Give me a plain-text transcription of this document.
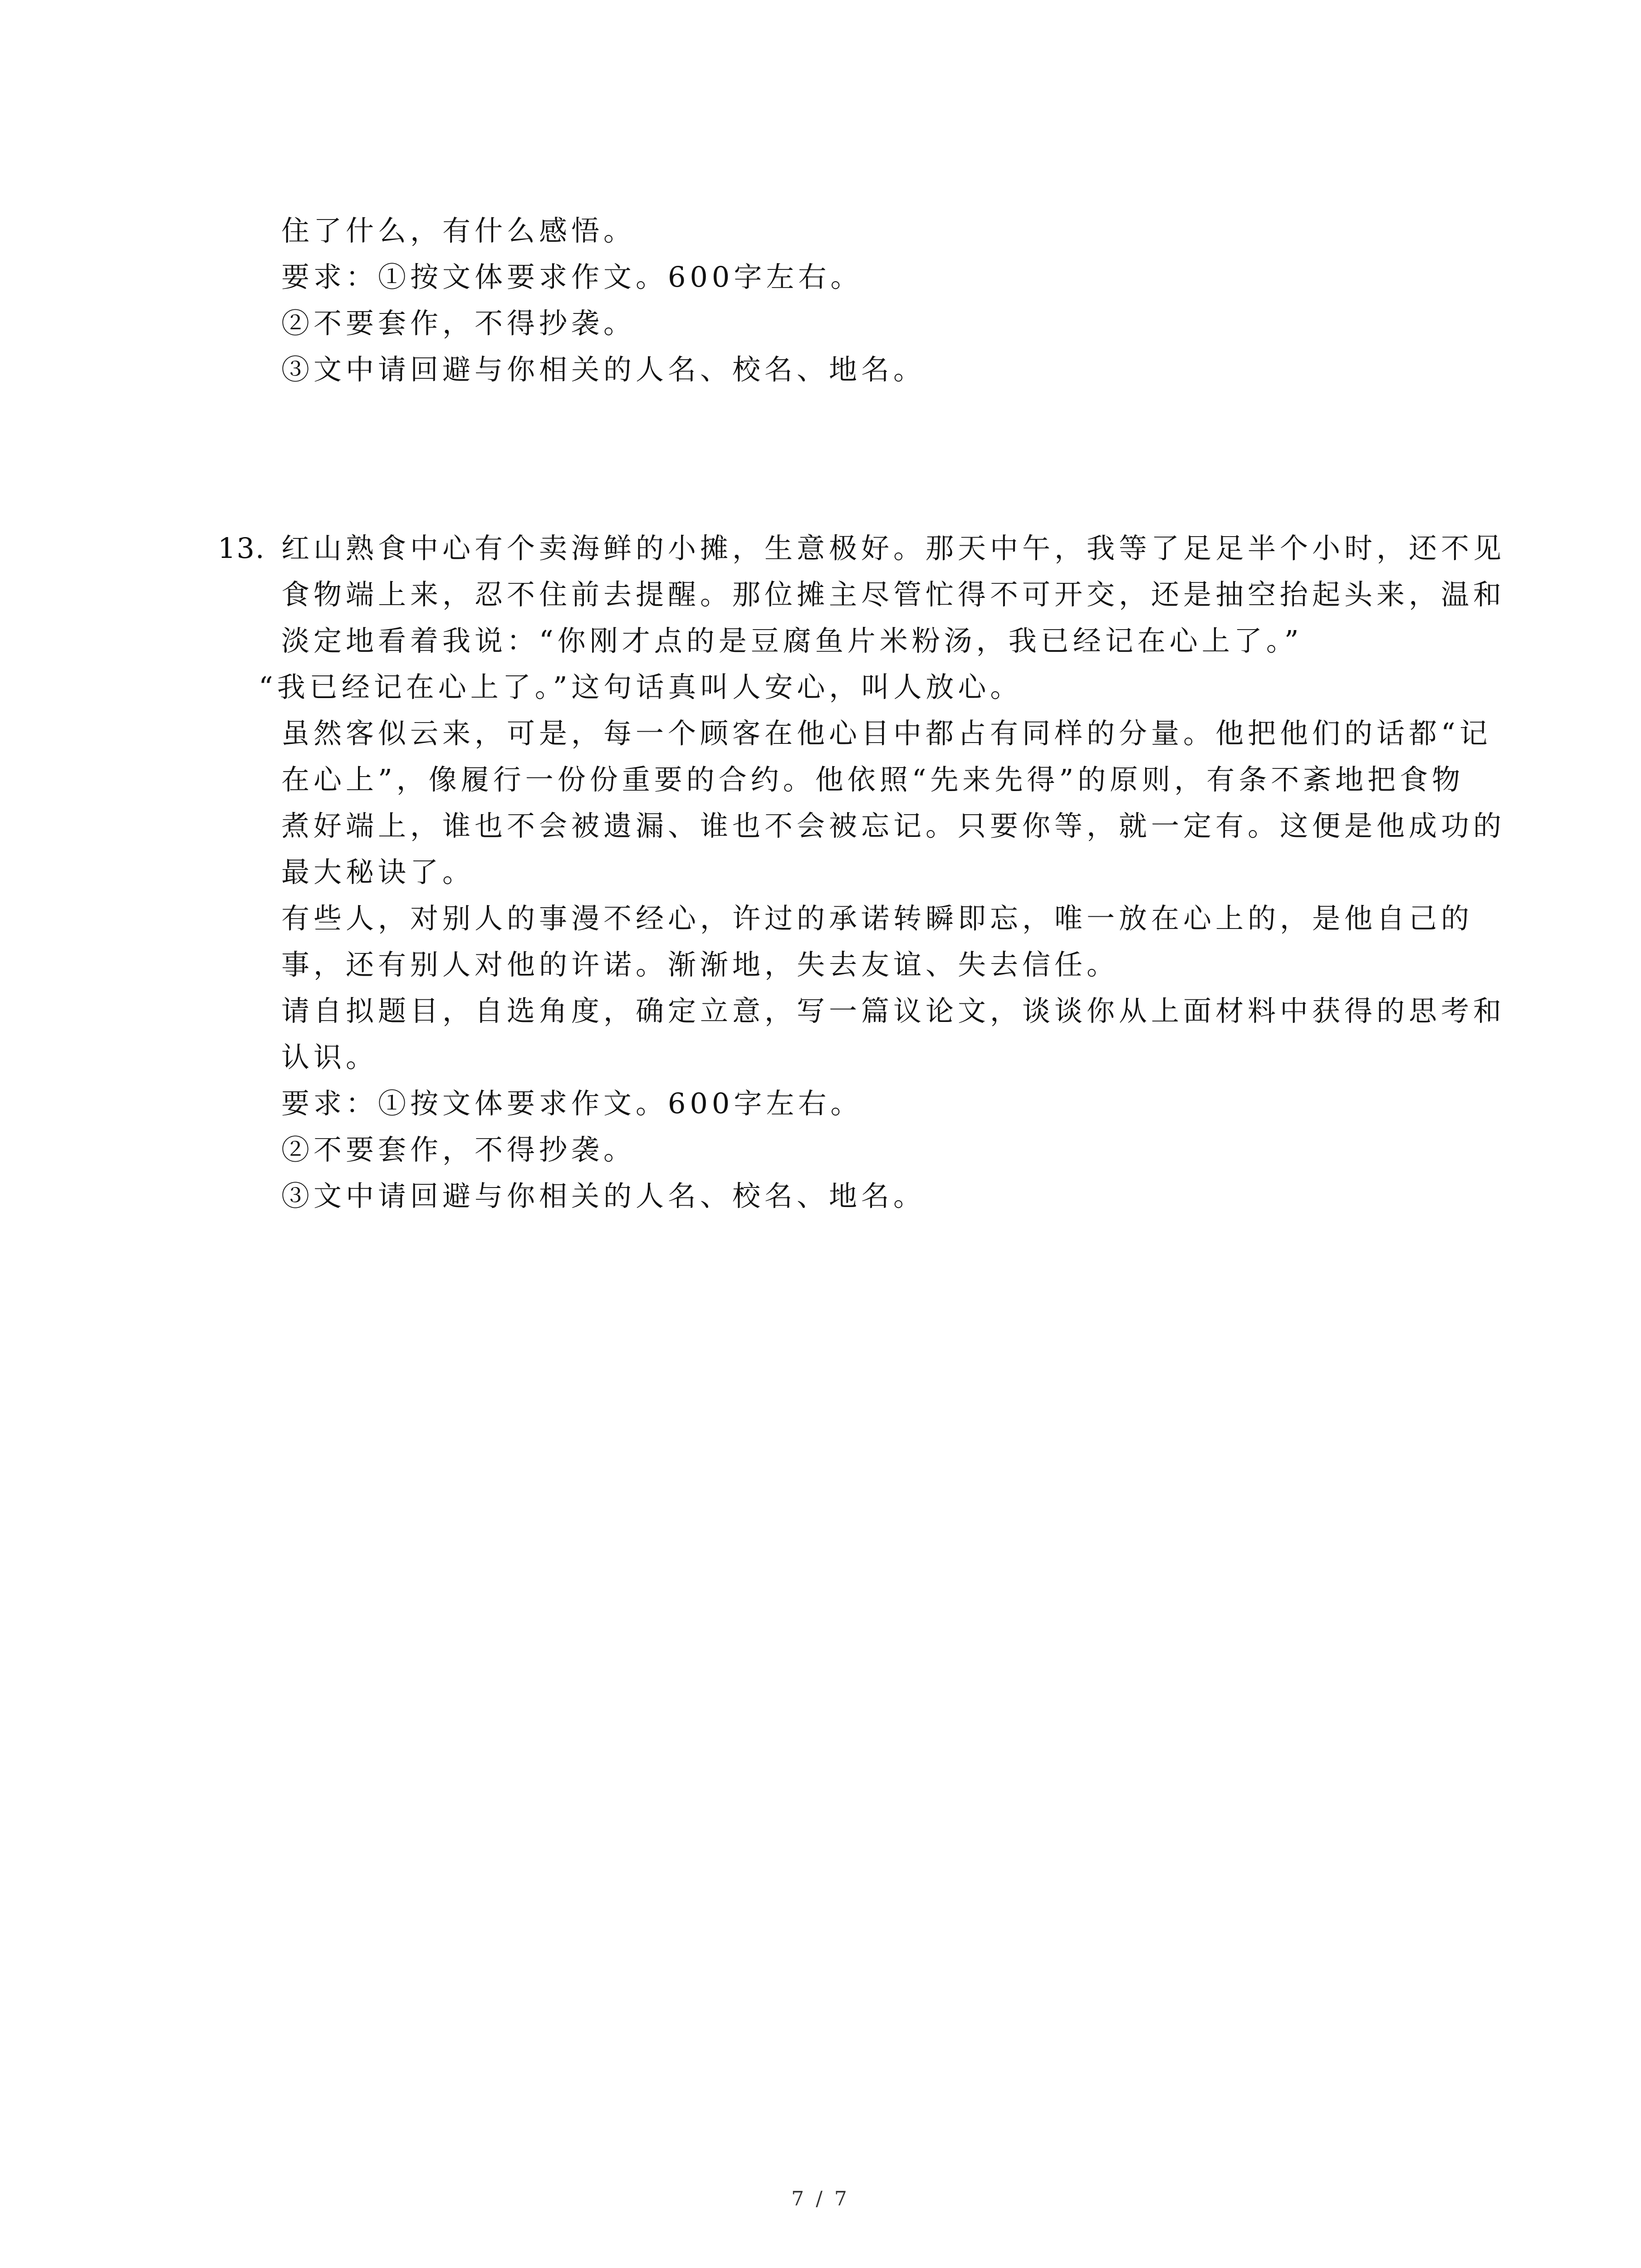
住了什么，有什么感悟。
要求：①按文体要求作文。600字左右。
②不要套作，不得抄袭。
③文中请回避与你相关的人名、校名、地名。
13. 红山熟食中心有个卖海鲜的小摊，生意极好。那天中午，我等了足足半个小时，还不见
食物端上来，忍不住前去提醒。那位摊主尽管忙得不可开交，还是抽空抬起头来，温和
淡定地看着我说：“你刚才点的是豆腐鱼片米粉汤，我已经记在心上了。”
“我已经记在心上了。”这句话真叫人安心，叫人放心。
虽然客似云来，可是，每一个顾客在他心目中都占有同样的分量。他把他们的话都“记
在心上”，像履行一份份重要的合约。他依照“先来先得”的原则，有条不紊地把食物
煮好端上，谁也不会被遗漏、谁也不会被忘记。只要你等，就一定有。这便是他成功的
最大秘诀了。
有些人，对别人的事漫不经心，许过的承诺转瞬即忘，唯一放在心上的，是他自己的
事，还有别人对他的许诺。渐渐地，失去友谊、失去信任。
请自拟题目，自选角度，确定立意，写一篇议论文，谈谈你从上面材料中获得的思考和
认识。
要求：①按文体要求作文。600字左右。
②不要套作，不得抄袭。
③文中请回避与你相关的人名、校名、地名。
7 / 7
